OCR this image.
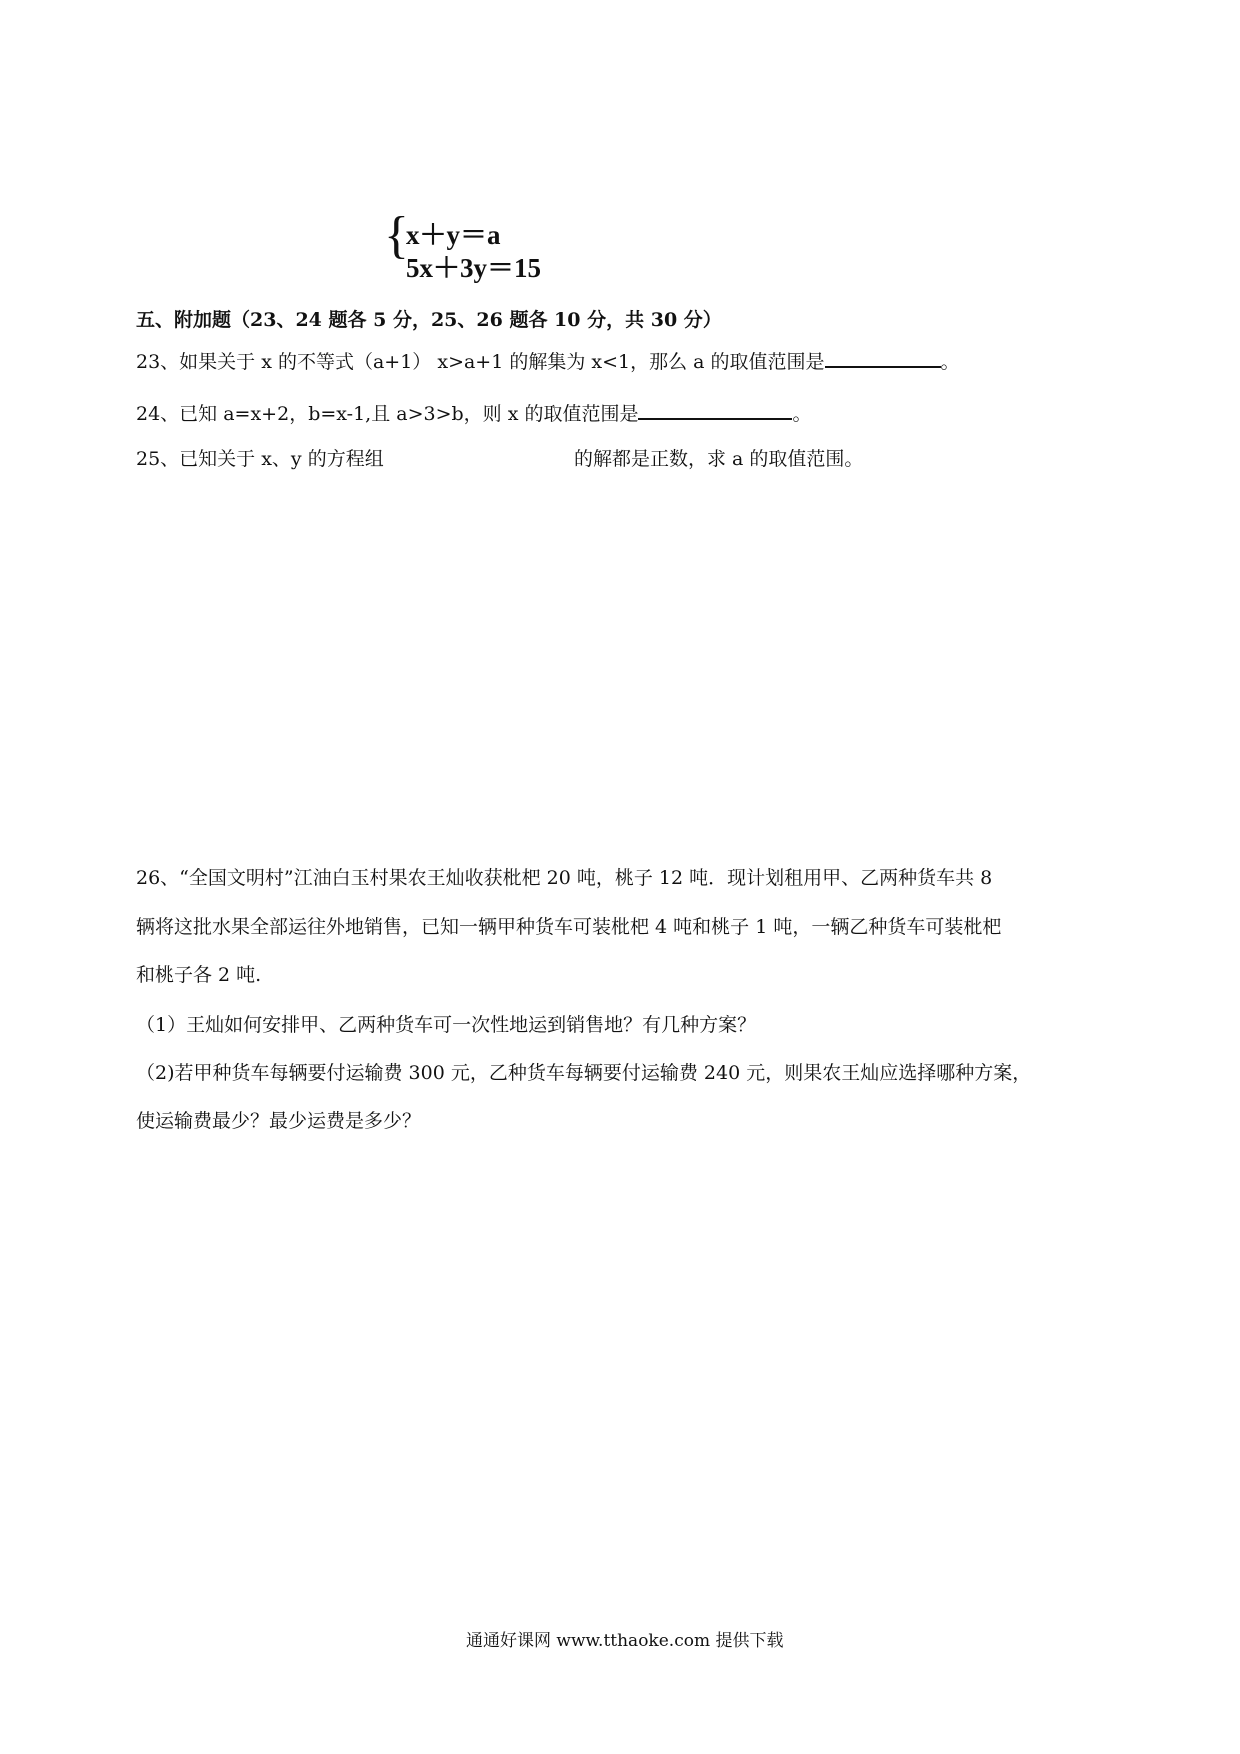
{
x＋y＝a
5x＋3y＝15
五、附加题（23、24 题各 5 分，25、26 题各 10 分，共 30 分）
23、如果关于 x 的不等式（a+1） x>a+1 的解集为 x<1，那么 a 的取值范围是	。
24、已知 a=x+2，b=x-1,且 a>3>b，则 x 的取值范围是	。
25、已知关于 x、y 的方程组	的解都是正数，求 a 的取值范围。
26、“全国文明村”江油白玉村果农王灿收获枇杷 20 吨，桃子 12 吨．现计划租用甲、乙两种货车共 8
辆将这批水果全部运往外地销售，已知一辆甲种货车可装枇杷 4 吨和桃子 1 吨，一辆乙种货车可装枇杷
和桃子各 2 吨.
（1）王灿如何安排甲、乙两种货车可一次性地运到销售地？有几种方案？
（2)若甲种货车每辆要付运输费 300 元，乙种货车每辆要付运输费 240 元，则果农王灿应选择哪种方案，
使运输费最少？最少运费是多少？
通通好课网 www.tthaoke.com 提供下载
